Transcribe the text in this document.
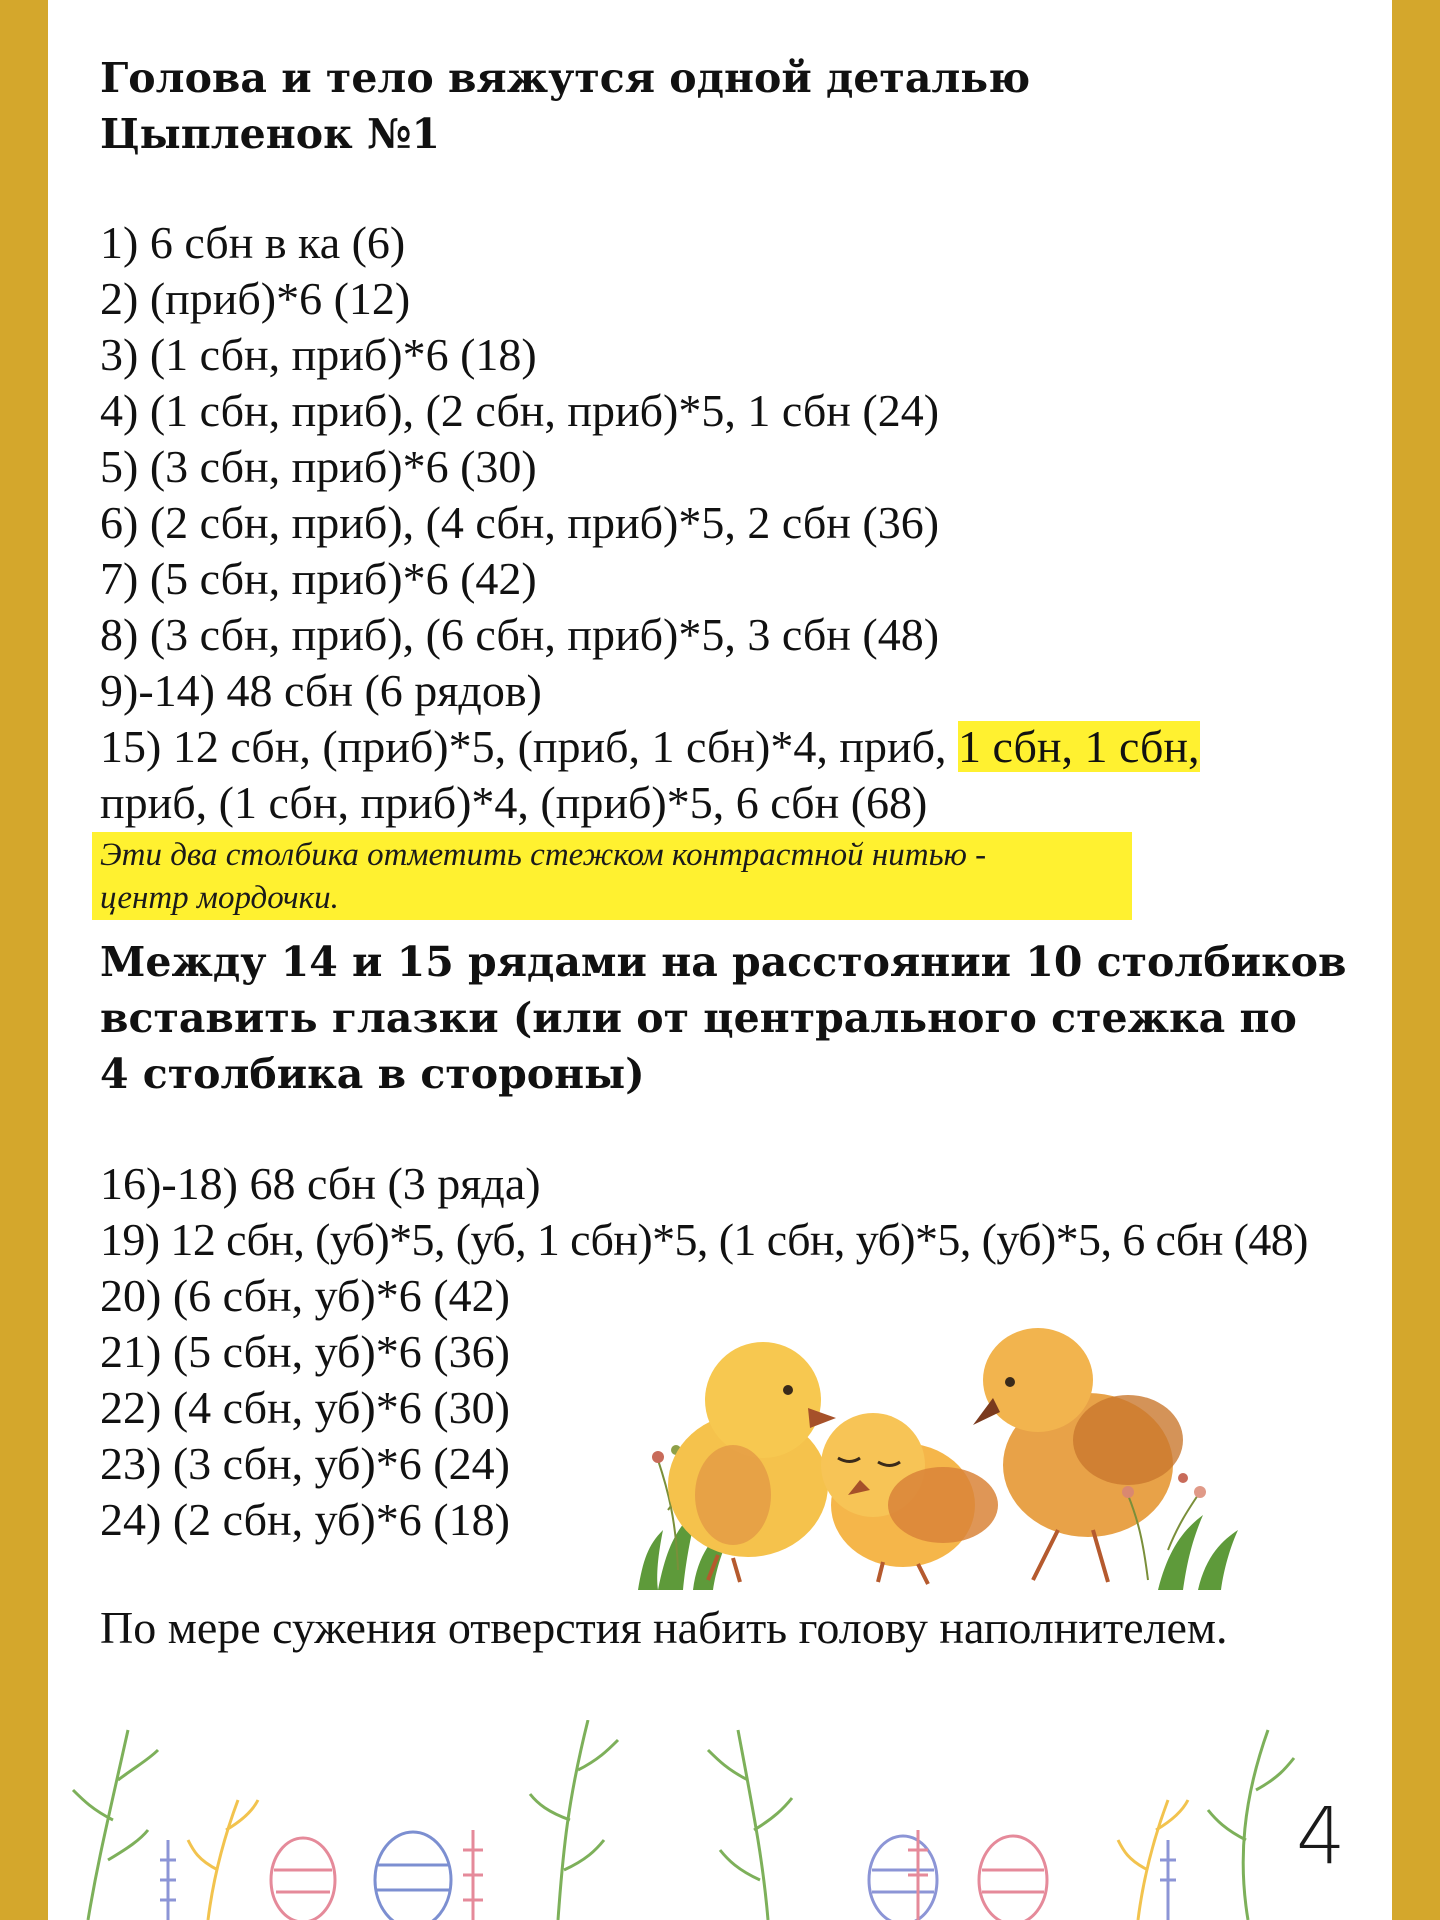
Голова и тело вяжутся одной деталью
Цыпленок №1
1) 6 сбн в ка (6)
2) (приб)*6 (12)
3) (1 сбн, приб)*6 (18)
4) (1 сбн, приб), (2 сбн, приб)*5, 1 сбн (24)
5) (3 сбн, приб)*6 (30)
6) (2 сбн, приб), (4 сбн, приб)*5, 2 сбн (36)
7) (5 сбн, приб)*6 (42)
8) (3 сбн, приб), (6 сбн, приб)*5, 3 сбн (48)
9)-14) 48 сбн (6 рядов)
15) 12 сбн, (приб)*5, (приб, 1 сбн)*4, приб, 1 сбн, 1 сбн,
приб, (1 сбн, приб)*4, (приб)*5, 6 сбн (68)
Эти два столбика отметить стежком контрастной нитью -
центр мордочки.
Между 14 и 15 рядами на расстоянии 10 столбиков
вставить глазки (или от центрального стежка по
4 столбика в стороны)
16)-18) 68 сбн (3 ряда)
19) 12 сбн, (уб)*5, (уб, 1 сбн)*5, (1 сбн, уб)*5, (уб)*5, 6 сбн (48)
20) (6 сбн, уб)*6 (42)
21) (5 сбн, уб)*6 (36)
22) (4 сбн, уб)*6 (30)
23) (3 сбн, уб)*6 (24)
24) (2 сбн, уб)*6 (18)
По мере сужения отверстия набить голову наполнителем.
4
